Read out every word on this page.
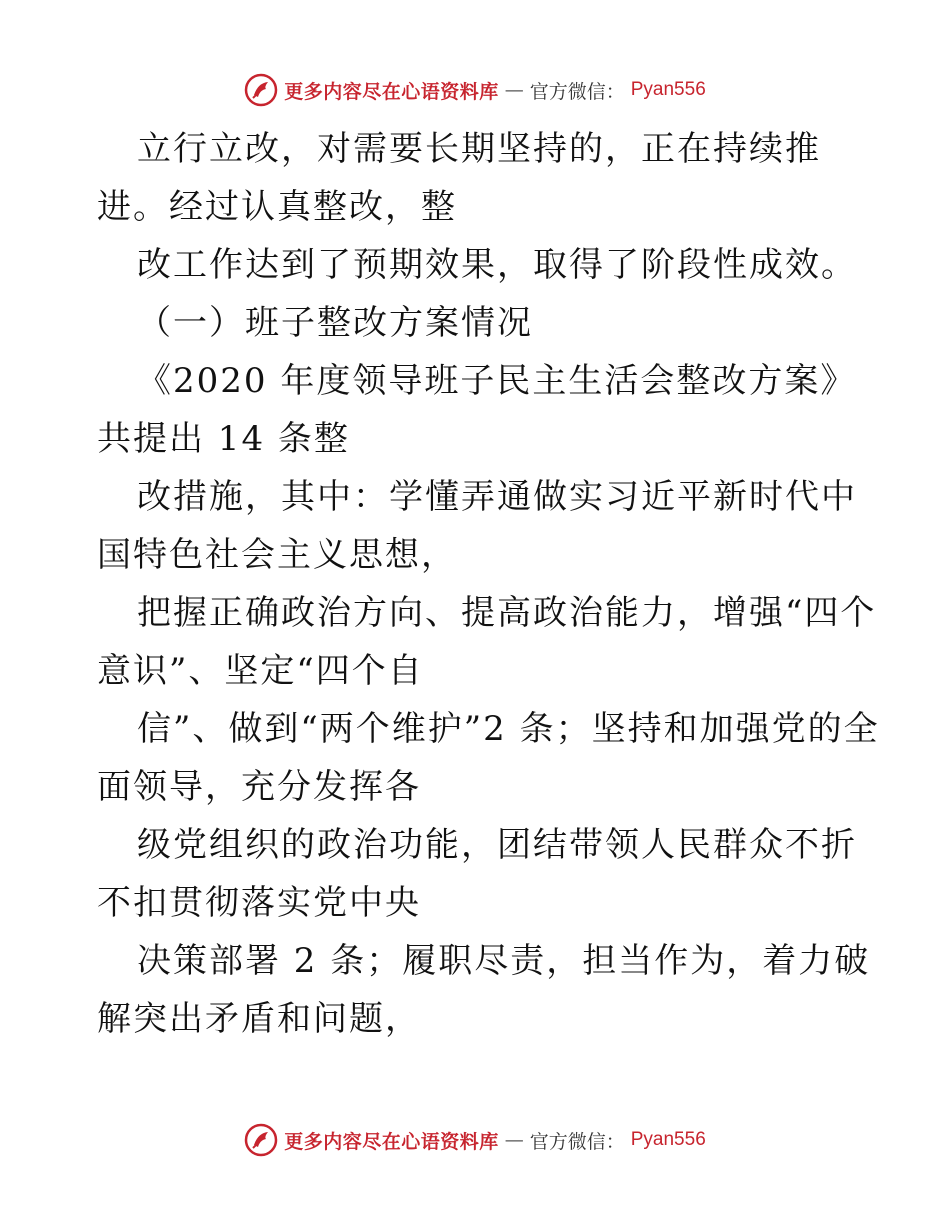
更多内容尽在心语资料库 — 官方微信： Pyan556

立行立改，对需要长期坚持的，正在持续推进。经过认真整改，整

改工作达到了预期效果，取得了阶段性成效。

（一）班子整改方案情况

《2020 年度领导班子民主生活会整改方案》共提出 14 条整

改措施，其中：学懂弄通做实习近平新时代中国特色社会主义思想，

把握正确政治方向、提高政治能力，增强“四个意识”、坚定“四个自

信”、做到“两个维护”2 条；坚持和加强党的全面领导，充分发挥各

级党组织的政治功能，团结带领人民群众不折不扣贯彻落实党中央

决策部署 2 条；履职尽责，担当作为，着力破解突出矛盾和问题，

更多内容尽在心语资料库 — 官方微信： Pyan556
